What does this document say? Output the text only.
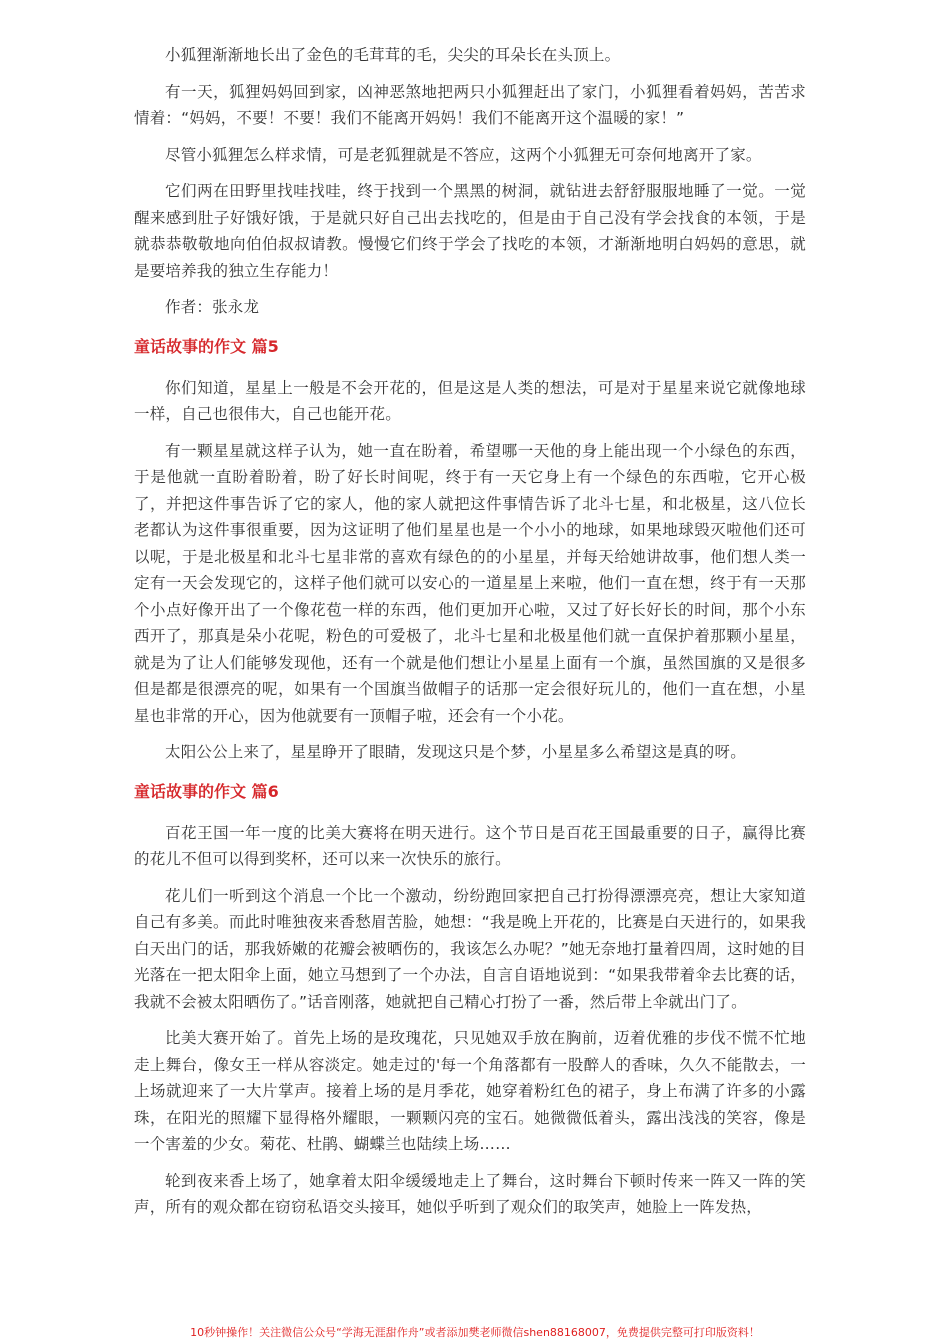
小狐狸渐渐地长出了金色的毛茸茸的毛，尖尖的耳朵长在头顶上。

有一天，狐狸妈妈回到家，凶神恶煞地把两只小狐狸赶出了家门，小狐狸看着妈妈，苦苦求情着：“妈妈，不要！不要！我们不能离开妈妈！我们不能离开这个温暖的家！”

尽管小狐狸怎么样求情，可是老狐狸就是不答应，这两个小狐狸无可奈何地离开了家。

它们两在田野里找哇找哇，终于找到一个黑黑的树洞，就钻进去舒舒服服地睡了一觉。一觉醒来感到肚子好饿好饿，于是就只好自己出去找吃的，但是由于自己没有学会找食的本领，于是就恭恭敬敬地向伯伯叔叔请教。慢慢它们终于学会了找吃的本领，才渐渐地明白妈妈的意思，就是要培养我的独立生存能力！

作者：张永龙

童话故事的作文 篇5

你们知道，星星上一般是不会开花的，但是这是人类的想法，可是对于星星来说它就像地球一样，自己也很伟大，自己也能开花。

有一颗星星就这样子认为，她一直在盼着，希望哪一天他的身上能出现一个小绿色的东西，于是他就一直盼着盼着，盼了好长时间呢，终于有一天它身上有一个绿色的东西啦，它开心极了，并把这件事告诉了它的家人，他的家人就把这件事情告诉了北斗七星，和北极星，这八位长老都认为这件事很重要，因为这证明了他们星星也是一个小小的地球，如果地球毁灭啦他们还可以呢，于是北极星和北斗七星非常的喜欢有绿色的的小星星，并每天给她讲故事，他们想人类一定有一天会发现它的，这样子他们就可以安心的一道星星上来啦，他们一直在想，终于有一天那个小点好像开出了一个像花苞一样的东西，他们更加开心啦，又过了好长好长的时间，那个小东西开了，那真是朵小花呢，粉色的可爱极了，北斗七星和北极星他们就一直保护着那颗小星星，就是为了让人们能够发现他，还有一个就是他们想让小星星上面有一个旗，虽然国旗的又是很多但是都是很漂亮的呢，如果有一个国旗当做帽子的话那一定会很好玩儿的，他们一直在想，小星星也非常的开心，因为他就要有一顶帽子啦，还会有一个小花。

太阳公公上来了，星星睁开了眼睛，发现这只是个梦，小星星多么希望这是真的呀。

童话故事的作文 篇6

百花王国一年一度的比美大赛将在明天进行。这个节日是百花王国最重要的日子，赢得比赛的花儿不但可以得到奖杯，还可以来一次快乐的旅行。

花儿们一听到这个消息一个比一个激动，纷纷跑回家把自己打扮得漂漂亮亮，想让大家知道自己有多美。而此时唯独夜来香愁眉苦脸，她想：“我是晚上开花的，比赛是白天进行的，如果我白天出门的话，那我娇嫩的花瓣会被晒伤的，我该怎么办呢？”她无奈地打量着四周，这时她的目光落在一把太阳伞上面，她立马想到了一个办法，自言自语地说到：“如果我带着伞去比赛的话，我就不会被太阳晒伤了。”话音刚落，她就把自己精心打扮了一番，然后带上伞就出门了。

比美大赛开始了。首先上场的是玫瑰花，只见她双手放在胸前，迈着优雅的步伐不慌不忙地走上舞台，像女王一样从容淡定。她走过的'每一个角落都有一股醉人的香味，久久不能散去，一上场就迎来了一大片掌声。接着上场的是月季花，她穿着粉红色的裙子，身上布满了许多的小露珠，在阳光的照耀下显得格外耀眼，一颗颗闪亮的宝石。她微微低着头，露出浅浅的笑容，像是一个害羞的少女。菊花、杜鹃、蝴蝶兰也陆续上场……

轮到夜来香上场了，她拿着太阳伞缓缓地走上了舞台，这时舞台下顿时传来一阵又一阵的笑声，所有的观众都在窃窃私语交头接耳，她似乎听到了观众们的取笑声，她脸上一阵发热，

10秒钟操作！关注微信公众号“学海无涯甜作舟”或者添加樊老师微信shen88168007，免费提供完整可打印版资料！
